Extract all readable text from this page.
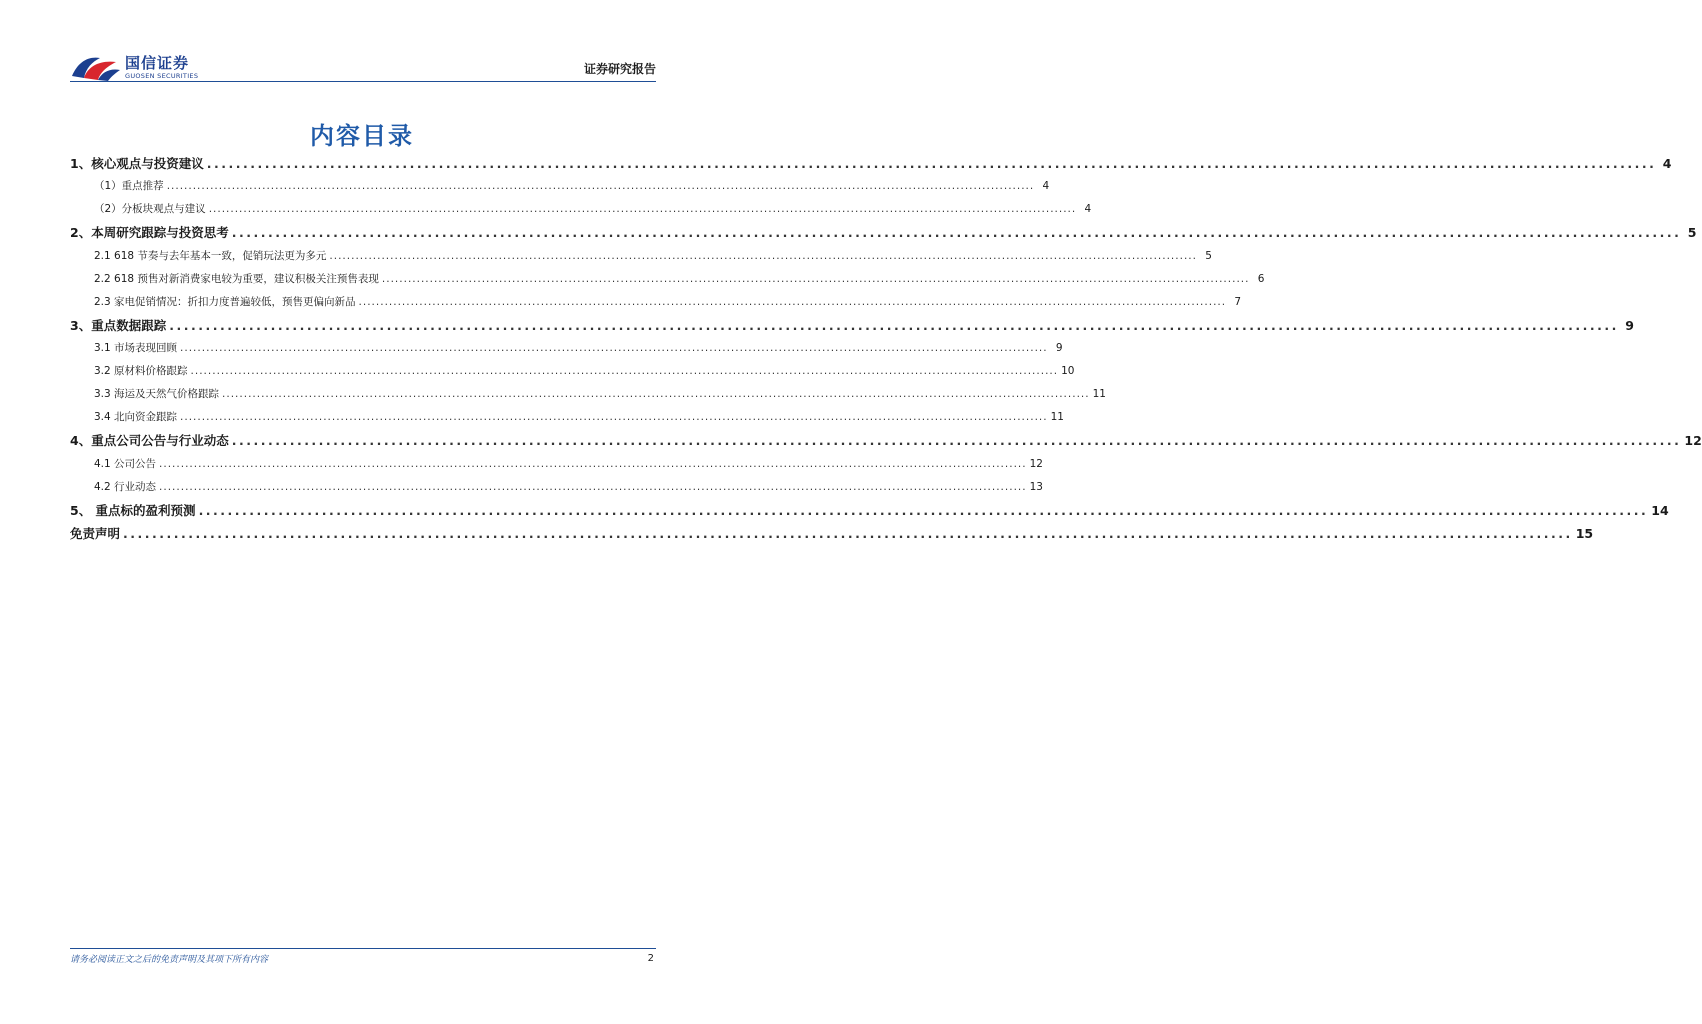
国信证券
GUOSEN SECURITIES	证券研究报告
内容目录
1、核心观点与投资建议 ........................................................................................................................................................................................................ 4
（1）重点推荐 ........................................................................................................................................................................................................ 4
（2）分板块观点与建议 ........................................................................................................................................................................................................ 4
2、本周研究跟踪与投资思考 ........................................................................................................................................................................................................ 5
2.1 618 节奏与去年基本一致，促销玩法更为多元 ........................................................................................................................................................................................................ 5
2.2 618 预售对新消费家电较为重要，建议积极关注预售表现 ........................................................................................................................................................................................................ 6
2.3 家电促销情况：折扣力度普遍较低，预售更偏向新品 ........................................................................................................................................................................................................ 7
3、重点数据跟踪 ........................................................................................................................................................................................................ 9
3.1 市场表现回顾 ........................................................................................................................................................................................................ 9
3.2 原材料价格跟踪 ........................................................................................................................................................................................................ 10
3.3 海运及天然气价格跟踪 ........................................................................................................................................................................................................ 11
3.4 北向资金跟踪 ........................................................................................................................................................................................................ 11
4、重点公司公告与行业动态 ........................................................................................................................................................................................................ 12
4.1 公司公告 ........................................................................................................................................................................................................ 12
4.2 行业动态 ........................................................................................................................................................................................................ 13
5、 重点标的盈利预测 ........................................................................................................................................................................................................ 14
免责声明 ........................................................................................................................................................................................................ 15
请务必阅读正文之后的免责声明及其项下所有内容	2
